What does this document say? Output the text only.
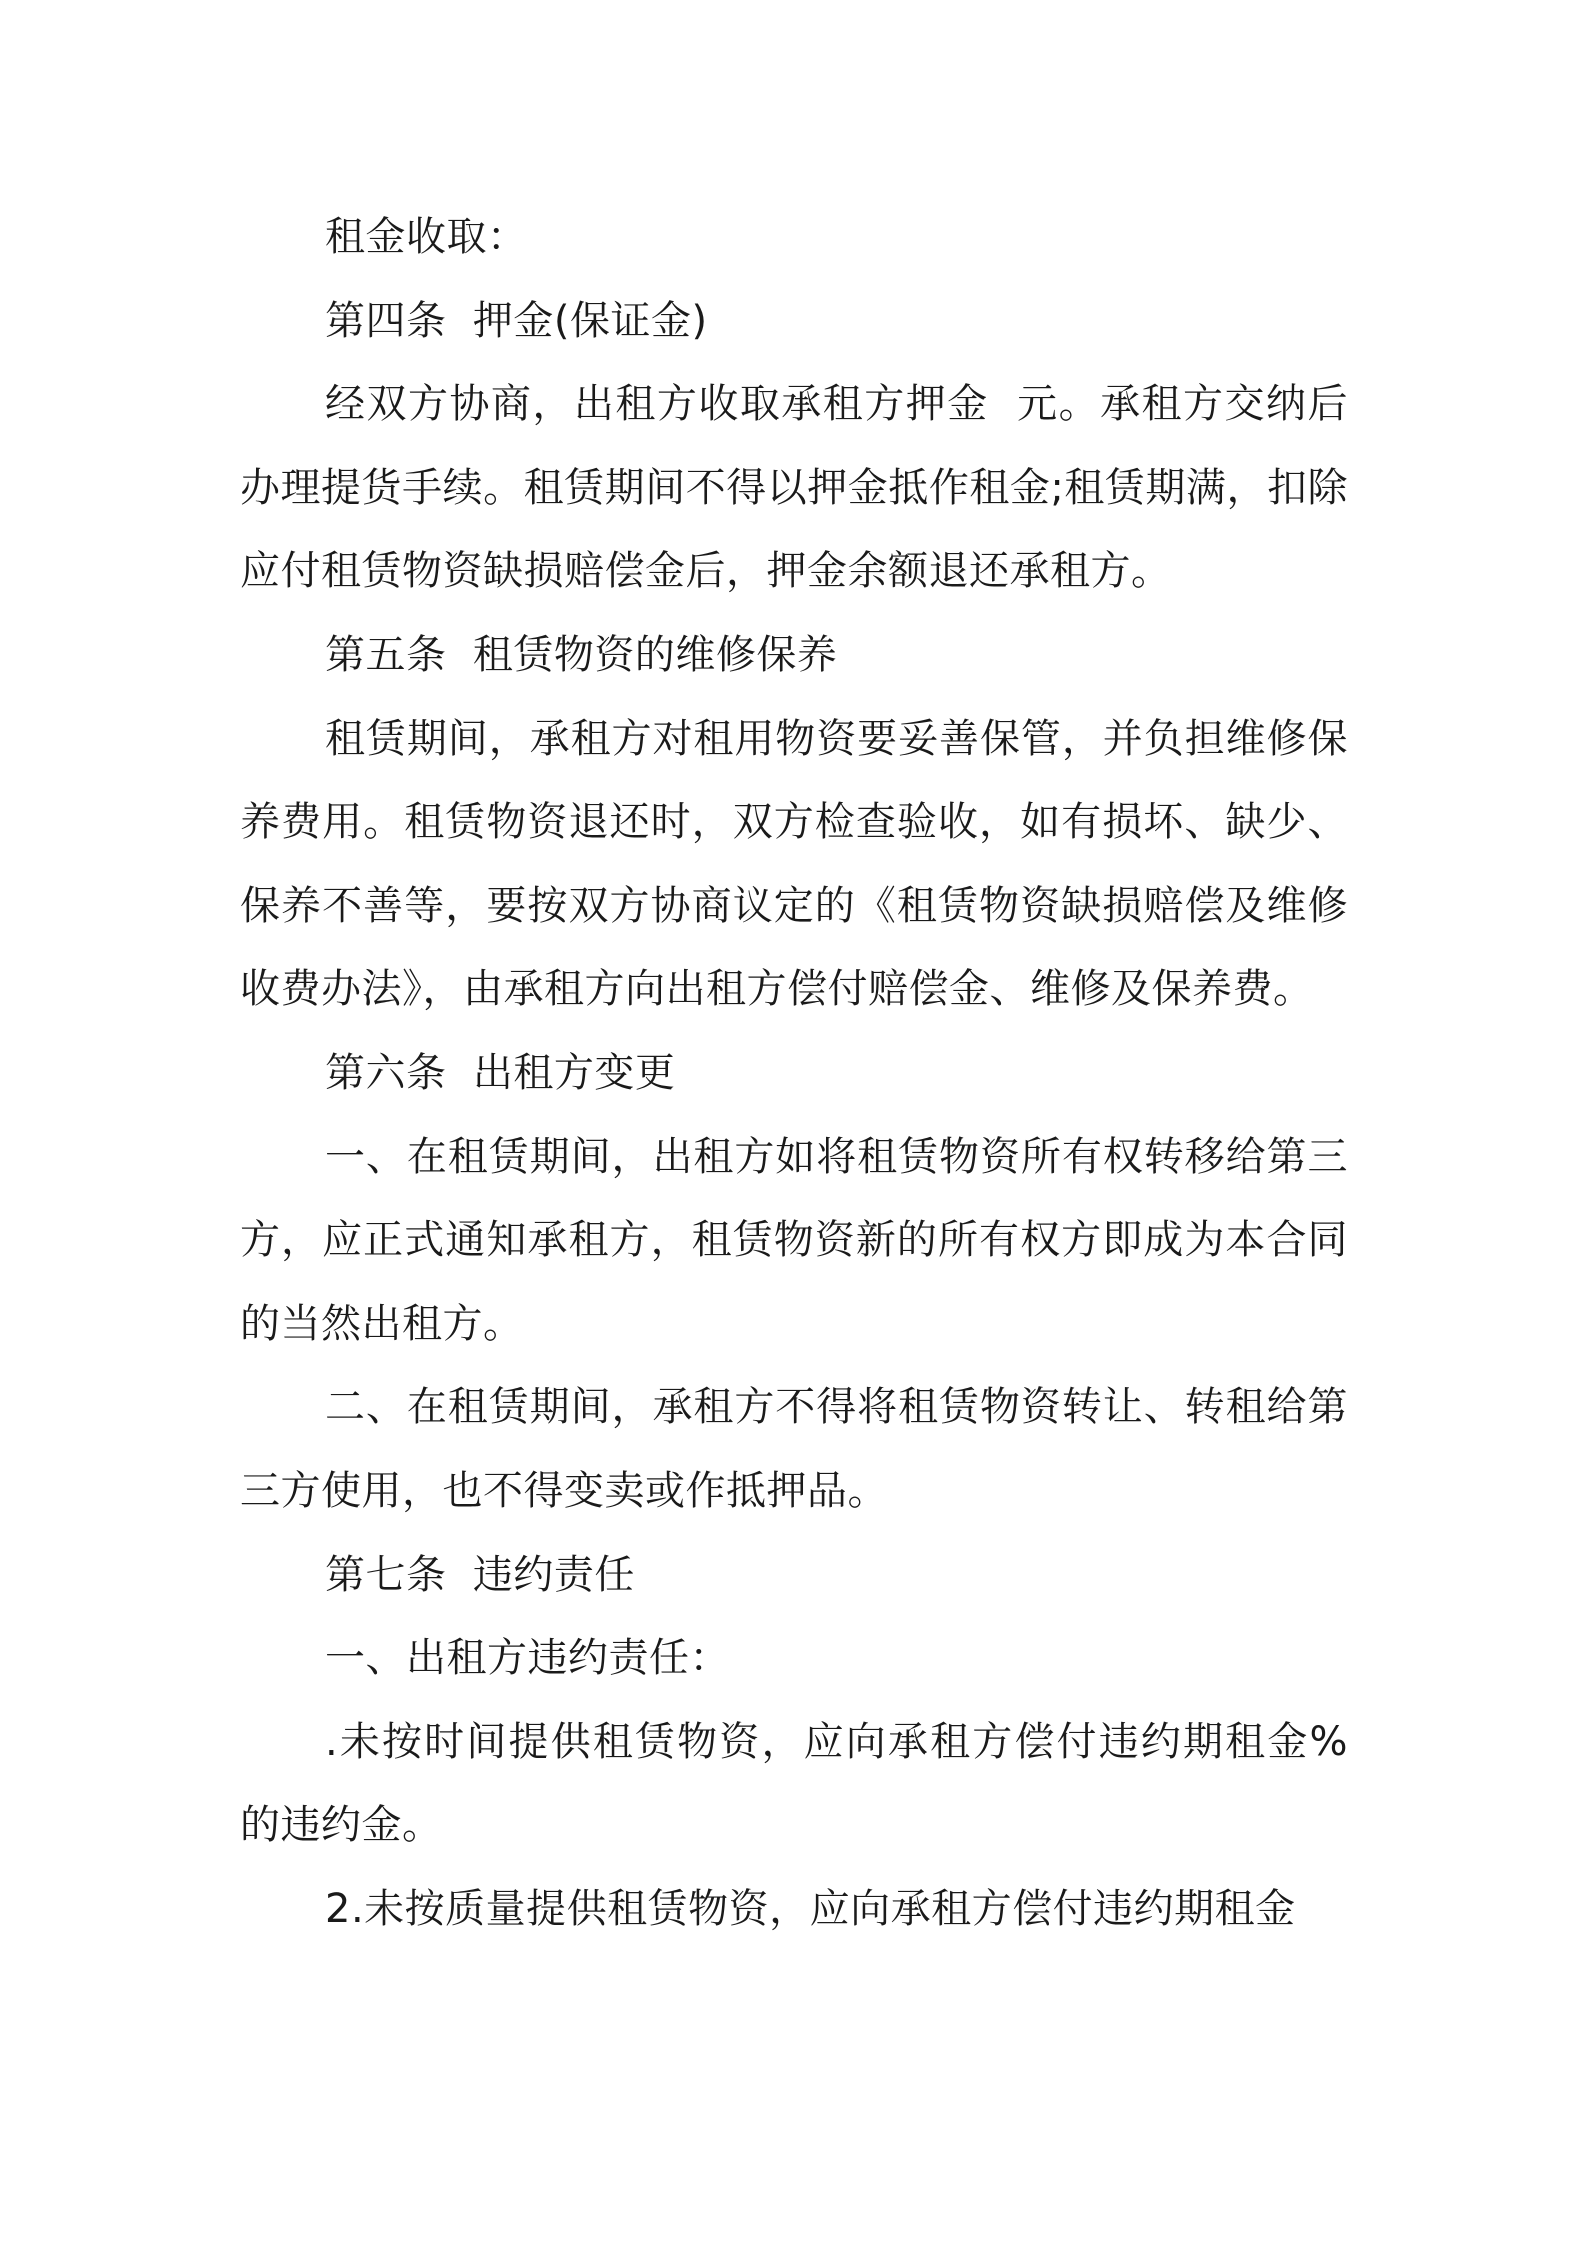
租金收取：

第四条  押金(保证金)

经双方协商，出租方收取承租方押金  元。承租方交纳后办理提货手续。租赁期间不得以押金抵作租金;租赁期满，扣除应付租赁物资缺损赔偿金后，押金余额退还承租方。

第五条  租赁物资的维修保养

租赁期间，承租方对租用物资要妥善保管，并负担维修保养费用。租赁物资退还时，双方检查验收，如有损坏、缺少、保养不善等，要按双方协商议定的《租赁物资缺损赔偿及维修收费办法》，由承租方向出租方偿付赔偿金、维修及保养费。

第六条  出租方变更

一、在租赁期间，出租方如将租赁物资所有权转移给第三方，应正式通知承租方，租赁物资新的所有权方即成为本合同的当然出租方。

二、在租赁期间，承租方不得将租赁物资转让、转租给第三方使用，也不得变卖或作抵押品。

第七条  违约责任

一、出租方违约责任：

.未按时间提供租赁物资，应向承租方偿付违约期租金%的违约金。

2.未按质量提供租赁物资，应向承租方偿付违约期租金
